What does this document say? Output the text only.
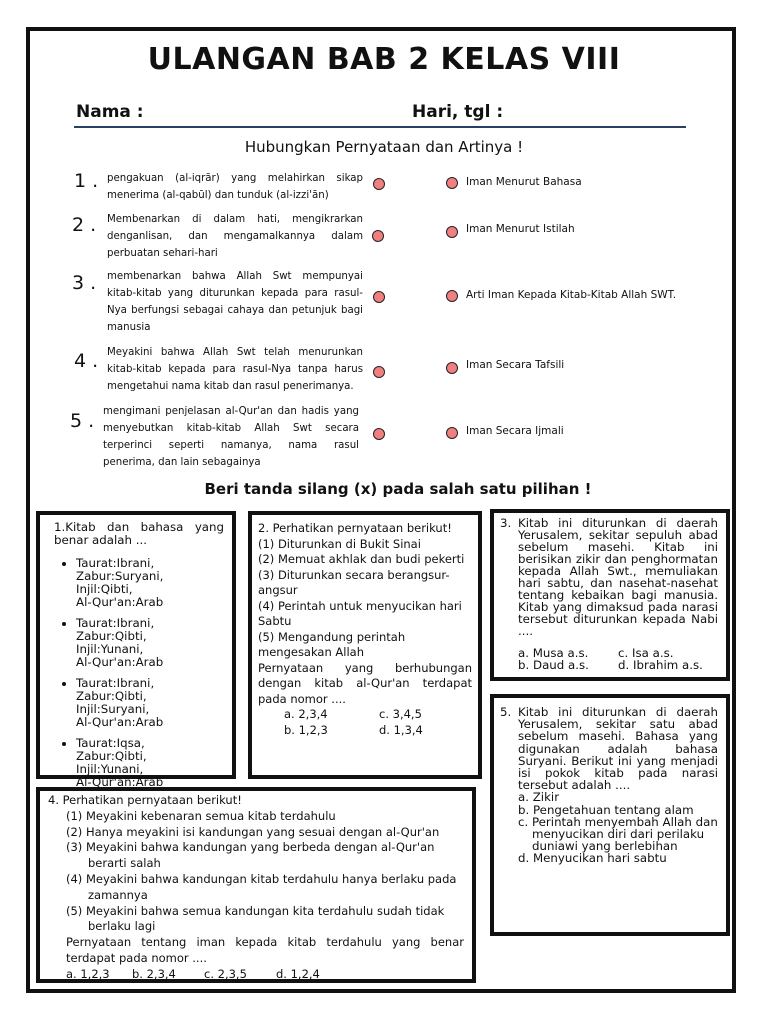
ULANGAN BAB 2 KELAS VIII
Nama :	Hari, tgl :
Hubungkan Pernyataan dan Artinya !
1 . pengakuan (al-iqrār) yang melahirkan sikap menerima (al-qabūl) dan tunduk (al-izzi'ān)
Iman Menurut Bahasa
2 . Membenarkan di dalam hati, mengikrarkan denganlisan, dan mengamalkannya dalam perbuatan sehari-hari
Iman Menurut Istilah
3 . membenarkan bahwa Allah Swt mempunyai kitab-kitab yang diturunkan kepada para rasul-Nya berfungsi sebagai cahaya dan petunjuk bagi manusia
Arti Iman Kepada Kitab-Kitab Allah SWT.
4 . Meyakini bahwa Allah Swt telah menurunkan kitab-kitab kepada para rasul-Nya tanpa harus mengetahui nama kitab dan rasul penerimanya.
Iman Secara Tafsili
5 . mengimani penjelasan al-Qur'an dan hadis yang menyebutkan kitab-kitab Allah Swt secara terperinci seperti namanya, nama rasul penerima, dan lain sebagainya
Iman Secara Ijmali
Beri tanda silang (x) pada salah satu pilihan !
1.Kitab dan bahasa yang benar adalah ...
• Taurat:Ibrani,
Zabur:Suryani,
Injil:Qibti,
Al-Qur'an:Arab
• Taurat:Ibrani,
Zabur:Qibti,
Injil:Yunani,
Al-Qur'an:Arab
• Taurat:Ibrani,
Zabur:Qibti,
Injil:Suryani,
Al-Qur'an:Arab
• Taurat:Iqsa,
Zabur:Qibti,
Injil:Yunani,
Al-Qur'an:Arab
2. Perhatikan pernyataan berikut!
(1) Diturunkan di Bukit Sinai
(2) Memuat akhlak dan budi pekerti
(3) Diturunkan secara berangsur-angsur
(4) Perintah untuk menyucikan hari Sabtu
(5) Mengandung perintah mengesakan Allah
Pernyataan yang berhubungan dengan kitab al-Qur'an terdapat pada nomor ....
a. 2,3,4	c. 3,4,5
b. 1,2,3	d. 1,3,4
3. Kitab ini diturunkan di daerah Yerusalem, sekitar sepuluh abad sebelum masehi. Kitab ini berisikan zikir dan penghormatan kepada Allah Swt., memuliakan hari sabtu, dan nasehat-nasehat tentang kebaikan bagi manusia. Kitab yang dimaksud pada narasi tersebut diturunkan kepada Nabi ....
a. Musa a.s.	c. Isa a.s.
b. Daud a.s.	d. Ibrahim a.s.
5. Kitab ini diturunkan di daerah Yerusalem, sekitar satu abad sebelum masehi. Bahasa yang digunakan adalah bahasa Suryani. Berikut ini yang menjadi isi pokok kitab pada narasi tersebut adalah ....
a. Zikir
b. Pengetahuan tentang alam
c. Perintah menyembah Allah dan menyucikan diri dari perilaku duniawi yang berlebihan
d. Menyucikan hari sabtu
4. Perhatikan pernyataan berikut!
(1) Meyakini kebenaran semua kitab terdahulu
(2) Hanya meyakini isi kandungan yang sesuai dengan al-Qur'an
(3) Meyakini bahwa kandungan yang berbeda dengan al-Qur'an berarti salah
(4) Meyakini bahwa kandungan kitab terdahulu hanya berlaku pada zamannya
(5) Meyakini bahwa semua kandungan kita terdahulu sudah tidak berlaku lagi
Pernyataan tentang iman kepada kitab terdahulu yang benar terdapat pada nomor ....
a. 1,2,3	b. 2,3,4	c. 2,3,5	d. 1,2,4
